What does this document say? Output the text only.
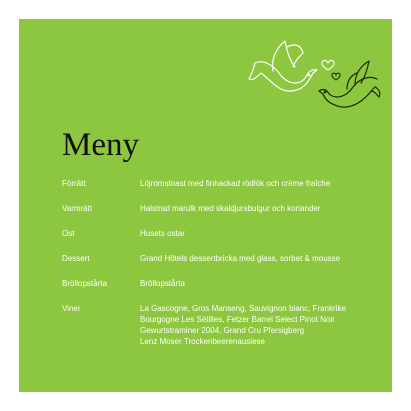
Meny
Förrätt	Löjromstoast med finhackad rödlök och crème fraîche
Varmrätt	Halstrad marulk med skaldjursbulgur och koriander
Ost	Husets ostar
Dessert	Grand Hôtels dessertbricka med glass, sorbet & mousse
Bröllopstårta	Bröllopstårta
Viner	La Gascogne, Gros Manseng, Sauvignon blanc, Frankrike
Bourgogne Les Sétilles, Fetzer Barrel Select Pinot Noir
Gewurtstraminer 2004, Grand Cru Pfersigberg
Lenz Moser Trockenbeerenauslese
